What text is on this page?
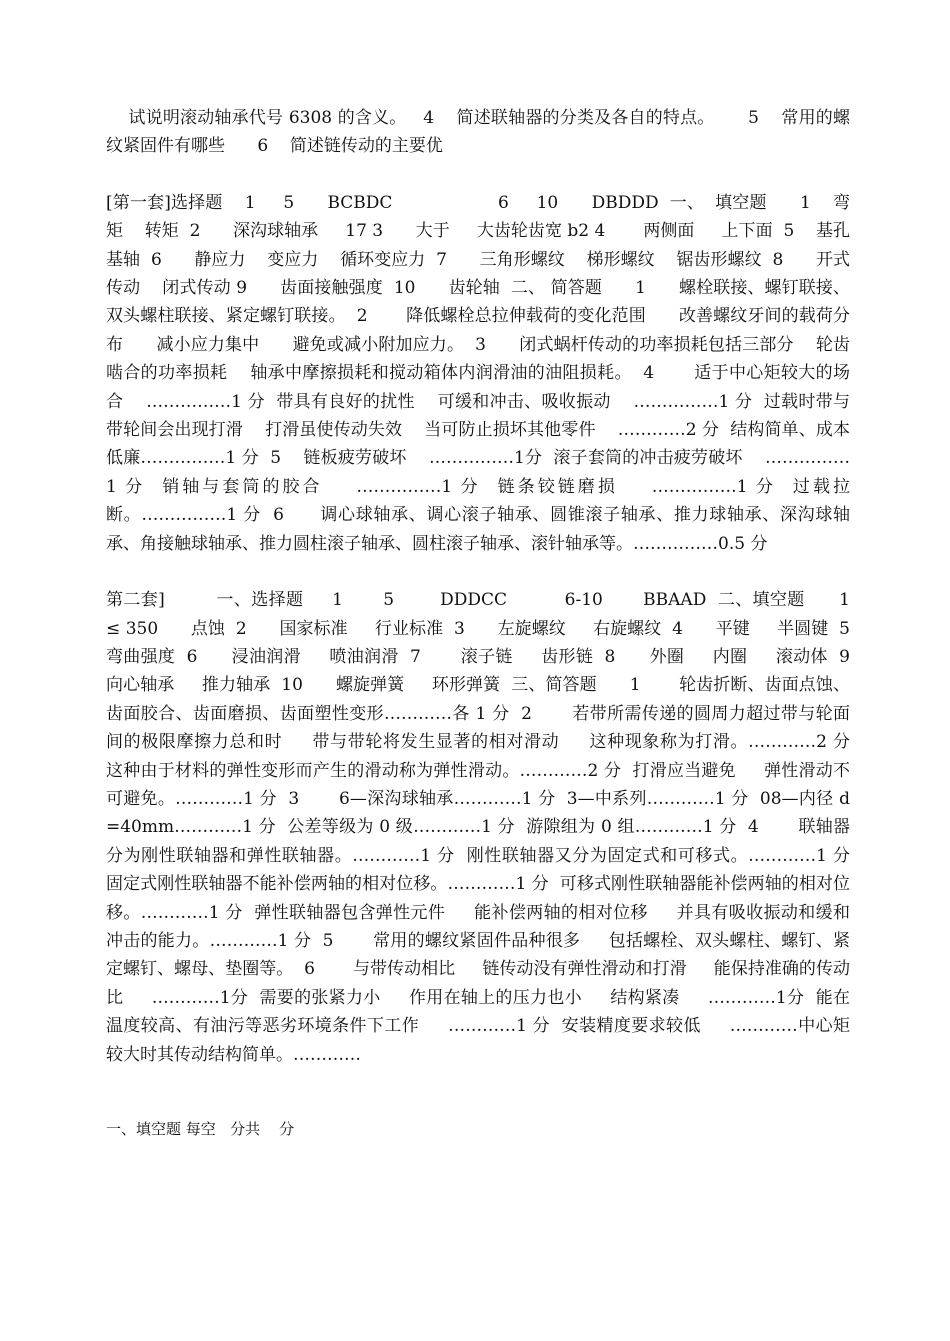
试说明滚动轴承代号 6308 的含义。   4    简述联轴器的分类及各自的特点。      5    常用的螺纹紧固件有哪些      6    简述链传动的主要优

[第一套]选择题    1     5      BCBDC                   6     10      DBDDD  一、  填空题      1    弯矩    转矩  2      深沟球轴承     17 3      大于     大齿轮齿宽 b2 4       两侧面     上下面  5    基孔    基轴  6      静应力    变应力    循环变应力  7      三角形螺纹    梯形螺纹    锯齿形螺纹  8      开式传动    闭式传动 9      齿面接触强度  10      齿轮轴  二、 简答题      1      螺栓联接、螺钉联接、双头螺柱联接、紧定螺钉联接。  2       降低螺栓总拉伸载荷的变化范围      改善螺纹牙间的载荷分布      减小应力集中      避免或减小附加应力。  3      闭式蜗杆传动的功率损耗包括三部分    轮齿啮合的功率损耗    轴承中摩擦损耗和搅动箱体内润滑油的油阻损耗。  4       适于中心矩较大的场合    ……………1 分  带具有良好的扰性    可缓和冲击、吸收振动    ……………1 分  过载时带与带轮间会出现打滑    打滑虽使传动失效    当可防止损坏其他零件    …………2 分  结构简单、成本低廉……………1 分  5    链板疲劳破坏    ……………1分  滚子套筒的冲击疲劳破坏    ……………1 分  销轴与套筒的胶合    ……………1 分  链条铰链磨损    ……………1 分  过载拉断。……………1 分  6      调心球轴承、调心滚子轴承、圆锥滚子轴承、推力球轴承、深沟球轴承、角接触球轴承、推力圆柱滚子轴承、圆柱滚子轴承、滚针轴承等。……………0.5 分

第二套]         一、选择题     1       5        DDDCC          6-10       BBAAD  二、填空题      1      ≤ 350      点蚀  2      国家标准     行业标准  3      左旋螺纹     右旋螺纹  4      平键     半圆键  5      弯曲强度  6      浸油润滑     喷油润滑  7       滚子链     齿形链  8      外圈     内圈     滚动体  9      向心轴承     推力轴承  10      螺旋弹簧     环形弹簧  三、简答题      1       轮齿折断、齿面点蚀、齿面胶合、齿面磨损、齿面塑性变形…………各 1 分  2       若带所需传递的圆周力超过带与轮面间的极限摩擦力总和时     带与带轮将发生显著的相对滑动     这种现象称为打滑。…………2 分  这种由于材料的弹性变形而产生的滑动称为弹性滑动。…………2 分  打滑应当避免     弹性滑动不可避免。…………1 分  3       6—深沟球轴承…………1 分  3—中系列…………1 分  08—内径 d=40mm…………1 分  公差等级为 0 级…………1 分  游隙组为 0 组…………1 分  4       联轴器分为刚性联轴器和弹性联轴器。…………1 分  刚性联轴器又分为固定式和可移式。…………1 分  固定式刚性联轴器不能补偿两轴的相对位移。…………1 分  可移式刚性联轴器能补偿两轴的相对位移。…………1 分  弹性联轴器包含弹性元件     能补偿两轴的相对位移     并具有吸收振动和缓和冲击的能力。…………1 分  5       常用的螺纹紧固件品种很多     包括螺栓、双头螺柱、螺钉、紧定螺钉、螺母、垫圈等。  6       与带传动相比     链传动没有弹性滑动和打滑     能保持准确的传动比     …………1分  需要的张紧力小     作用在轴上的压力也小     结构紧凑     …………1分  能在温度较高、有油污等恶劣环境条件下工作     …………1 分  安装精度要求较低     …………中心矩较大时其传动结构简单。…………

一、填空题 每空   分共    分
